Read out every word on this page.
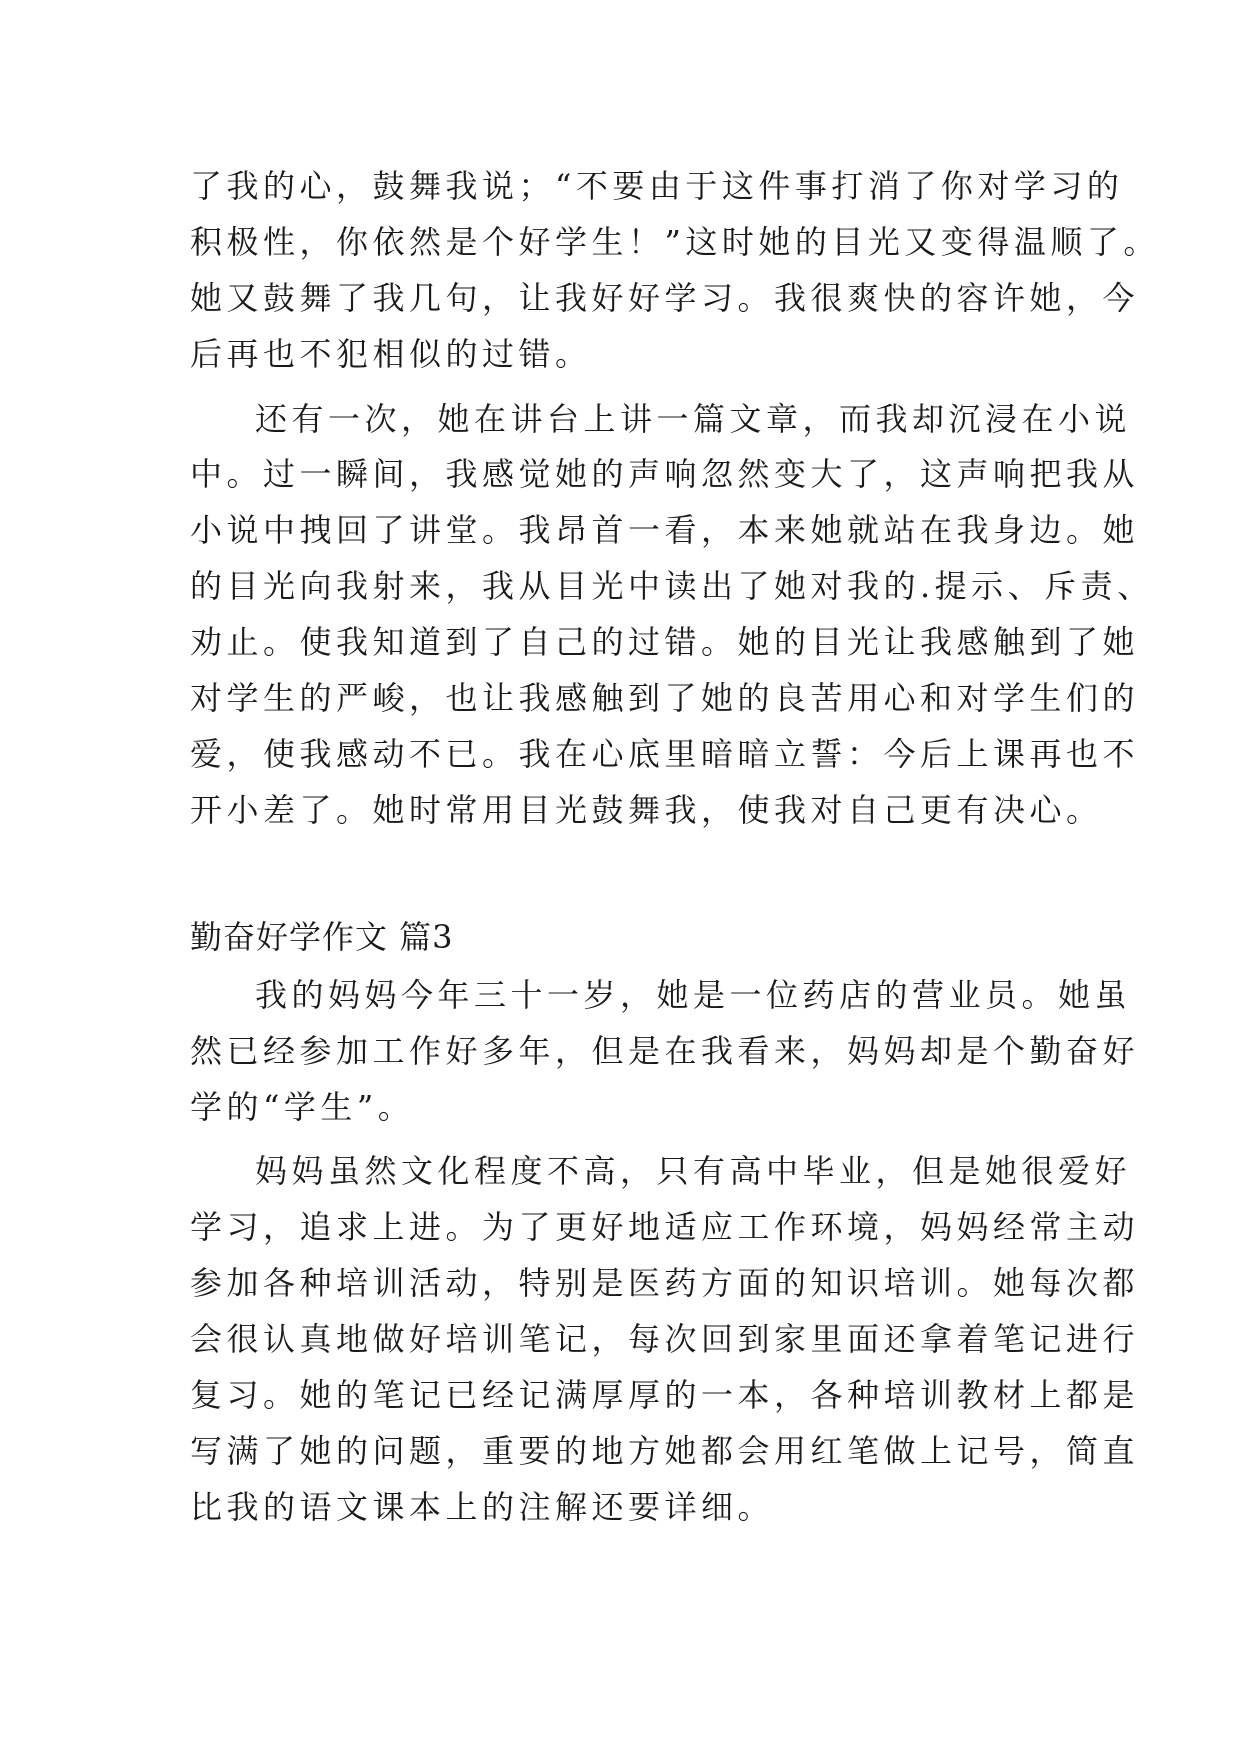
了我的心，鼓舞我说；“不要由于这件事打消了你对学习的
积极性，你依然是个好学生！”这时她的目光又变得温顺了。
她又鼓舞了我几句，让我好好学习。我很爽快的容许她，今
后再也不犯相似的过错。
还有一次，她在讲台上讲一篇文章，而我却沉浸在小说
中。过一瞬间，我感觉她的声响忽然变大了，这声响把我从
小说中拽回了讲堂。我昂首一看，本来她就站在我身边。她
的目光向我射来，我从目光中读出了她对我的.提示、斥责、
劝止。使我知道到了自己的过错。她的目光让我感触到了她
对学生的严峻，也让我感触到了她的良苦用心和对学生们的
爱，使我感动不已。我在心底里暗暗立誓：今后上课再也不
开小差了。她时常用目光鼓舞我，使我对自己更有决心。
勤奋好学作文 篇3
我的妈妈今年三十一岁，她是一位药店的营业员。她虽
然已经参加工作好多年，但是在我看来，妈妈却是个勤奋好
学的“学生”。
妈妈虽然文化程度不高，只有高中毕业，但是她很爱好
学习，追求上进。为了更好地适应工作环境，妈妈经常主动
参加各种培训活动，特别是医药方面的知识培训。她每次都
会很认真地做好培训笔记，每次回到家里面还拿着笔记进行
复习。她的笔记已经记满厚厚的一本，各种培训教材上都是
写满了她的问题，重要的地方她都会用红笔做上记号，简直
比我的语文课本上的注解还要详细。
